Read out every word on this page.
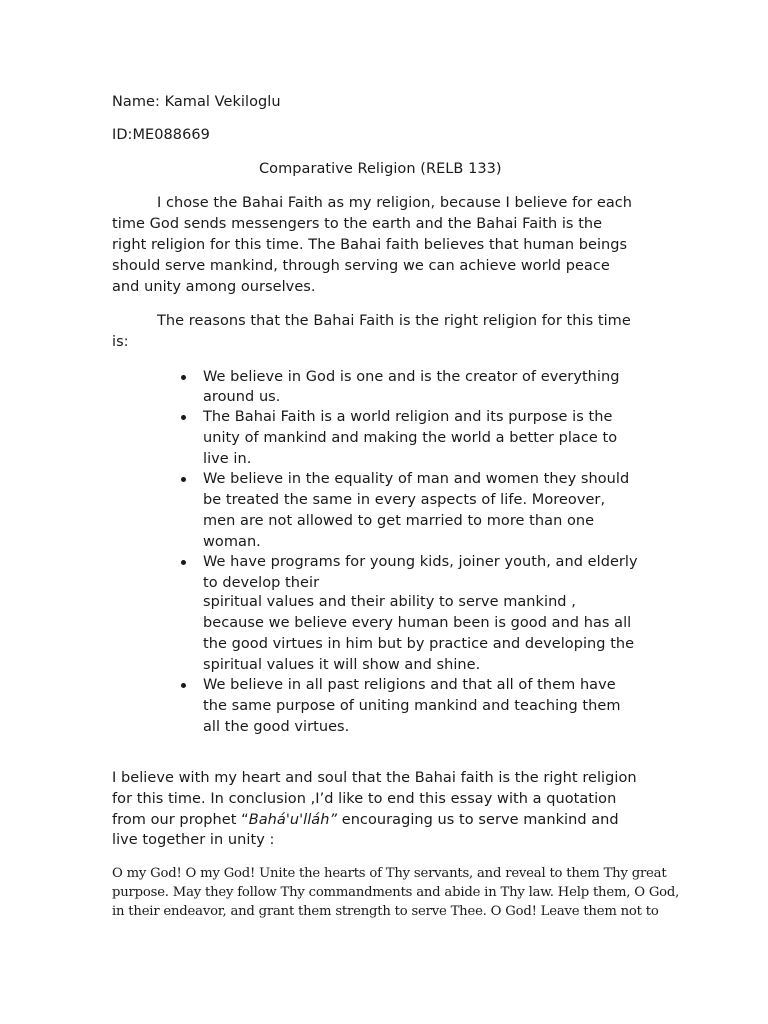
Name: Kamal Vekiloglu

ID:ME088669

Comparative Religion (RELB 133)

I chose the Bahai Faith as my religion, because I believe for each

time God sends messengers to the earth and the Bahai Faith is the

right religion for this time. The Bahai faith believes that human beings

should serve mankind, through serving we can achieve world peace

and unity among ourselves.

The reasons that the Bahai Faith is the right religion for this time

is:

We believe in God is one and is the creator of everything

around us.

The Bahai Faith is a world religion and its purpose is the

unity of mankind and making the world a better place to

live in.

We believe in the equality of man and women they should

be treated the same in every aspects of life. Moreover,

men are not allowed to get married to more than one

woman.

We have programs for young kids, joiner youth, and elderly

to develop their

spiritual values and their ability to serve mankind ,

because we believe every human been is good and has all

the good virtues in him but by practice and developing the

spiritual values it will show and shine.

We believe in all past religions and that all of them have

the same purpose of uniting mankind and teaching them

all the good virtues.

I believe with my heart and soul that the Bahai faith is the right religion

for this time. In conclusion ,I’d like to end this essay with a quotation

from our prophet “Bahá'u'lláh” encouraging us to serve mankind and

live together in unity :

O my God! O my God! Unite the hearts of Thy servants, and reveal to them Thy great

purpose. May they follow Thy commandments and abide in Thy law. Help them, O God,

in their endeavor, and grant them strength to serve Thee. O God! Leave them not to
